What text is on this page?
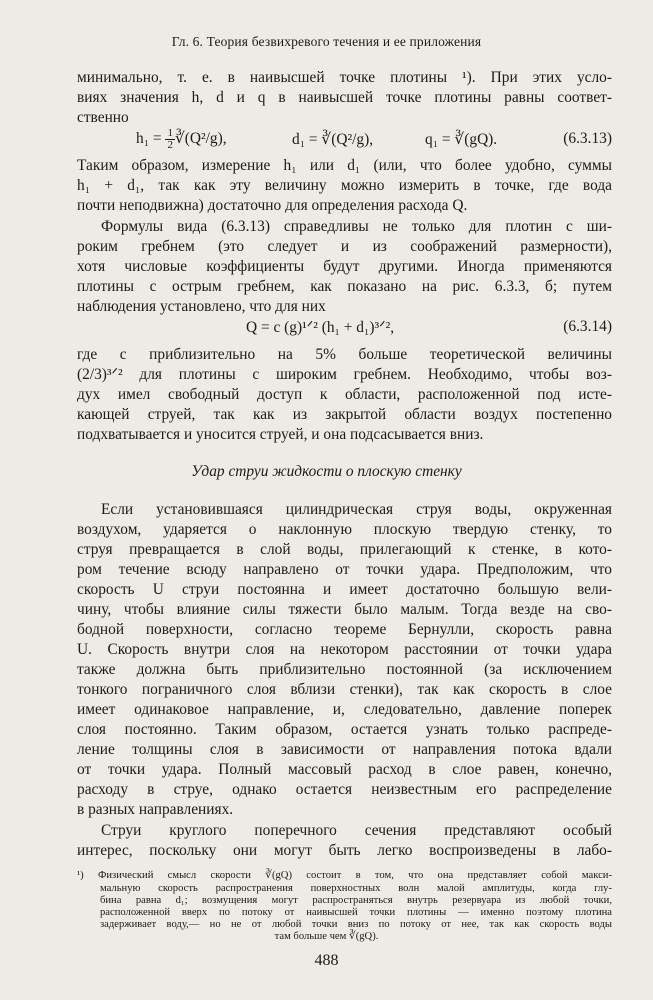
Гл. 6. Теория безвихревого течения и ее приложения
минимально, т. е. в наивысшей точке плотины ¹). При этих усло-
виях значения h, d и q в наивысшей точке плотины равны соответ-
ственно
$h_1 = \frac{1}{2}$ ∛(Q²/g),	d₁ = ∛(Q²/g),	q₁ = ∛(gQ).	(6.3.13)
Таким образом, измерение h₁ или d₁ (или, что более удобно, суммы
h₁ + d₁, так как эту величину можно измерить в точке, где вода
почти неподвижна) достаточно для определения расхода Q.
Формулы вида (6.3.13) справедливы не только для плотин с ши-
роким гребнем (это следует и из соображений размерности),
хотя числовые коэффициенты будут другими. Иногда применяются
плотины с острым гребнем, как показано на рис. 6.3.3, б; путем
наблюдения установлено, что для них
Q = c (g)¹ᐟ² (h₁ + d₁)³ᐟ²,	(6.3.14)
где c приблизительно на 5% больше теоретической величины
(2/3)³ᐟ² для плотины с широким гребнем. Необходимо, чтобы воз-
дух имел свободный доступ к области, расположенной под исте-
кающей струей, так как из закрытой области воздух постепенно
подхватывается и уносится струей, и она подсасывается вниз.
Удар струи жидкости о плоскую стенку
Если установившаяся цилиндрическая струя воды, окруженная
воздухом, ударяется о наклонную плоскую твердую стенку, то
струя превращается в слой воды, прилегающий к стенке, в кото-
ром течение всюду направлено от точки удара. Предположим, что
скорость U струи постоянна и имеет достаточно большую вели-
чину, чтобы влияние силы тяжести было малым. Тогда везде на сво-
бодной поверхности, согласно теореме Бернулли, скорость равна
U. Скорость внутри слоя на некотором расстоянии от точки удара
также должна быть приблизительно постоянной (за исключением
тонкого пограничного слоя вблизи стенки), так как скорость в слое
имеет одинаковое направление, и, следовательно, давление поперек
слоя постоянно. Таким образом, остается узнать только распреде-
ление толщины слоя в зависимости от направления потока вдали
от точки удара. Полный массовый расход в слое равен, конечно,
расходу в струе, однако остается неизвестным его распределение
в разных направлениях.
Струи круглого поперечного сечения представляют особый
интерес, поскольку они могут быть легко воспроизведены в лабо-
¹) Физический смысл скорости ∛(gQ) состоит в том, что она представляет собой макси-
мальную скорость распространения поверхностных волн малой амплитуды, когда глу-
бина равна d₁; возмущения могут распространяться внутрь резервуара из любой точки,
расположенной вверх по потоку от наивысшей точки плотины — именно поэтому плотина
задерживает воду,— но не от любой точки вниз по потоку от нее, так как скорость воды
там больше чем ∛(gQ).
488
